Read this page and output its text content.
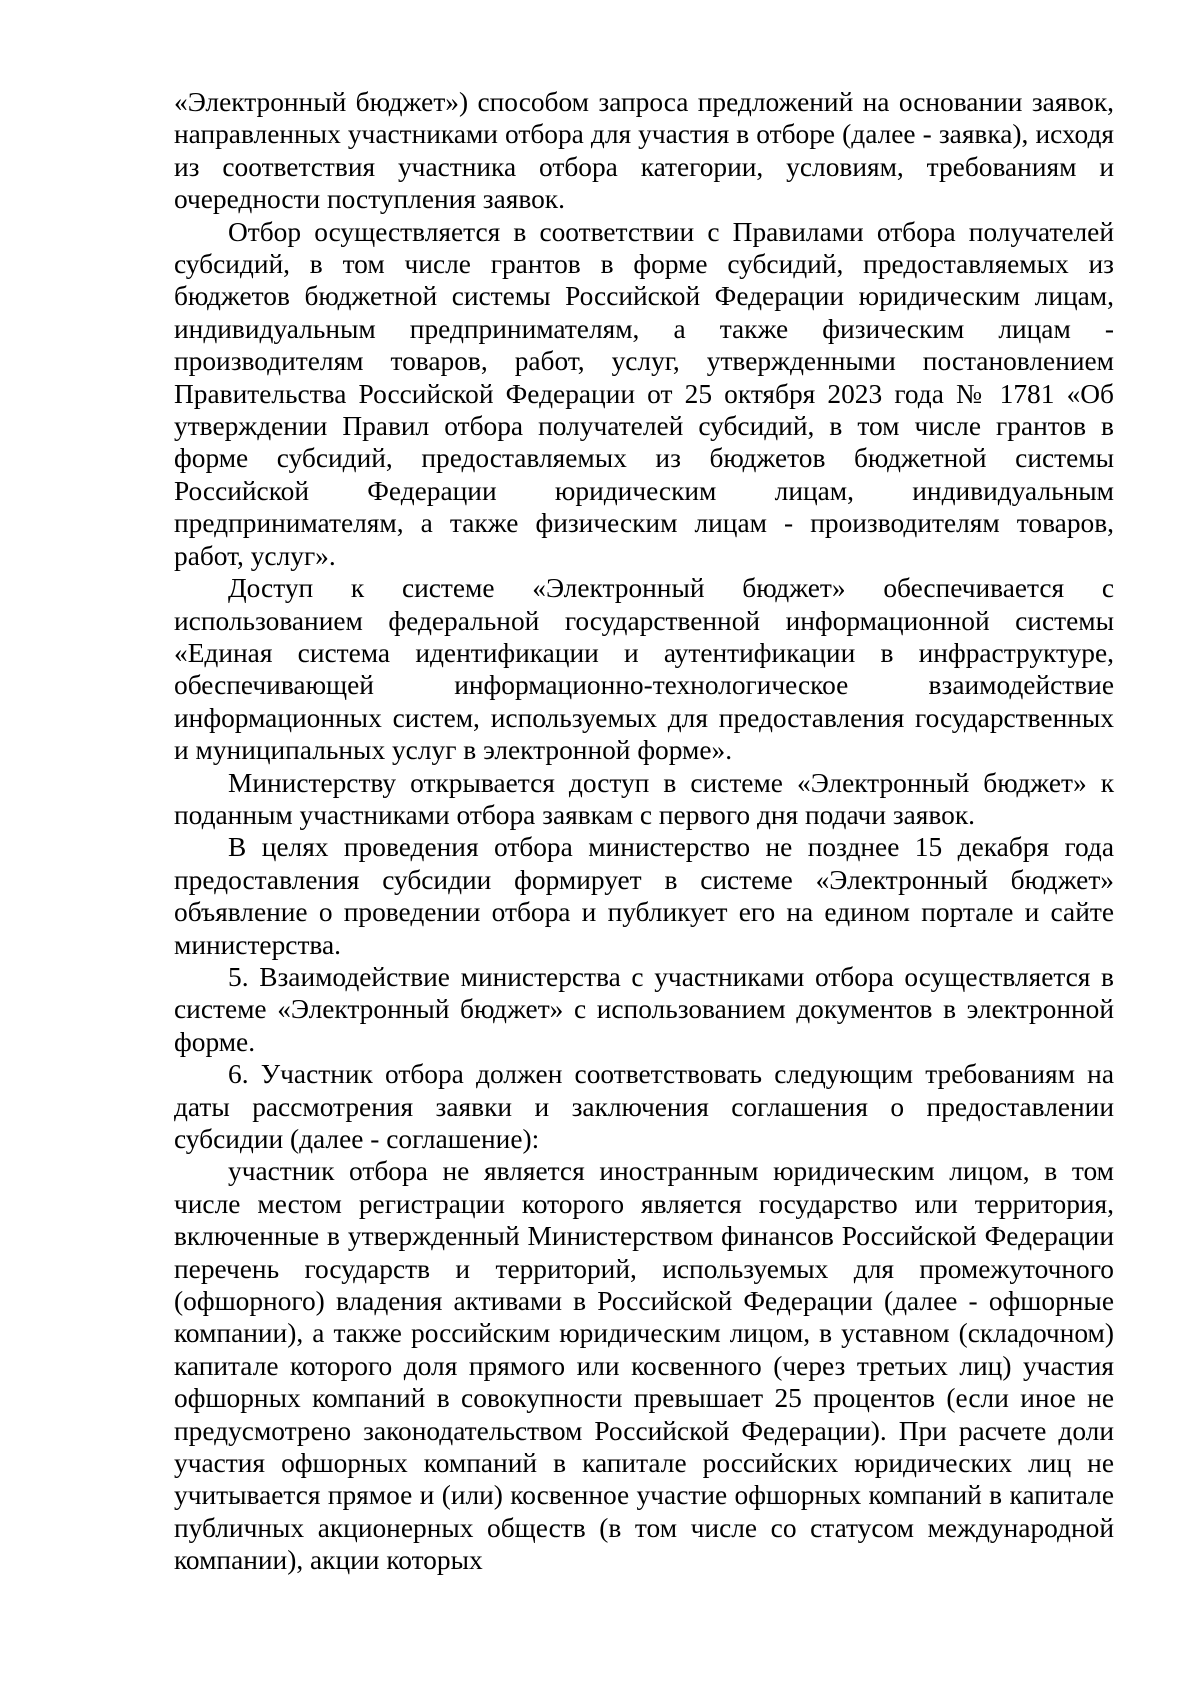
«Электронный бюджет») способом запроса предложений на основании заявок, направленных участниками отбора для участия в отборе (далее - заявка), исходя из соответствия участника отбора категории, условиям, требованиям и очередности поступления заявок.

Отбор осуществляется в соответствии с Правилами отбора получателей субсидий, в том числе грантов в форме субсидий, предоставляемых из бюджетов бюджетной системы Российской Федерации юридическим лицам, индивидуальным предпринимателям, а также физическим лицам - производителям товаров, работ, услуг, утвержденными постановлением Правительства Российской Федерации от 25 октября 2023 года № 1781 «Об утверждении Правил отбора получателей субсидий, в том числе грантов в форме субсидий, предоставляемых из бюджетов бюджетной системы Российской Федерации юридическим лицам, индивидуальным предпринимателям, а также физическим лицам - производителям товаров, работ, услуг».

Доступ к системе «Электронный бюджет» обеспечивается с использованием федеральной государственной информационной системы «Единая система идентификации и аутентификации в инфраструктуре, обеспечивающей информационно-технологическое взаимодействие информационных систем, используемых для предоставления государственных и муниципальных услуг в электронной форме».

Министерству открывается доступ в системе «Электронный бюджет» к поданным участниками отбора заявкам с первого дня подачи заявок.

В целях проведения отбора министерство не позднее 15 декабря года предоставления субсидии формирует в системе «Электронный бюджет» объявление о проведении отбора и публикует его на едином портале и сайте министерства.

5. Взаимодействие министерства с участниками отбора осуществляется в системе «Электронный бюджет» с использованием документов в электронной форме.

6. Участник отбора должен соответствовать следующим требованиям на даты рассмотрения заявки и заключения соглашения о предоставлении субсидии (далее - соглашение):

участник отбора не является иностранным юридическим лицом, в том числе местом регистрации которого является государство или территория, включенные в утвержденный Министерством финансов Российской Федерации перечень государств и территорий, используемых для промежуточного (офшорного) владения активами в Российской Федерации (далее - офшорные компании), а также российским юридическим лицом, в уставном (складочном) капитале которого доля прямого или косвенного (через третьих лиц) участия офшорных компаний в совокупности превышает 25 процентов (если иное не предусмотрено законодательством Российской Федерации). При расчете доли участия офшорных компаний в капитале российских юридических лиц не учитывается прямое и (или) косвенное участие офшорных компаний в капитале публичных акционерных обществ (в том числе со статусом международной компании), акции которых
